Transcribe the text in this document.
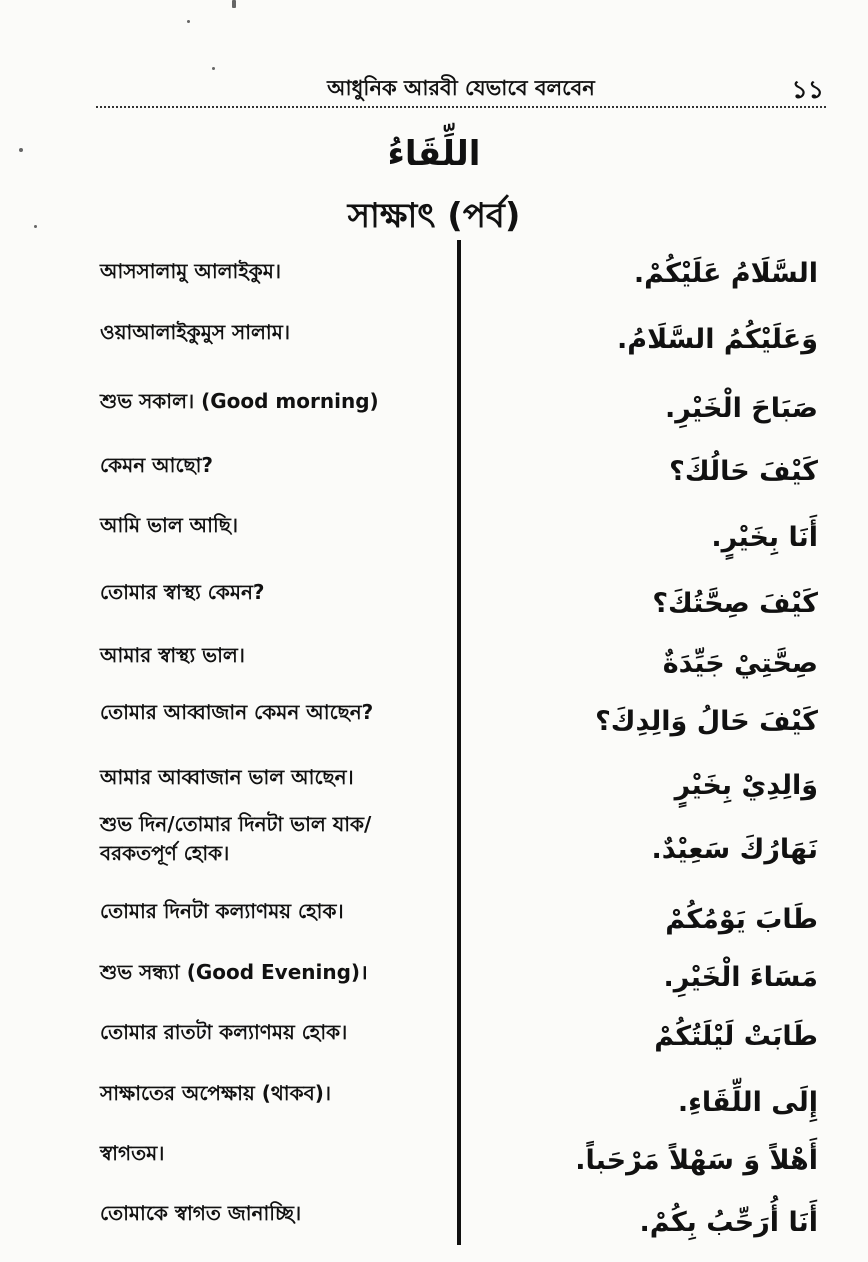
আধুনিক আরবী যেভাবে বলবেন	১১
اللِّقَاءُ
সাক্ষাৎ (পর্ব)
আসসালামু আলাইকুম।
ওয়াআলাইকুমুস সালাম।
শুভ সকাল। (Good morning)
কেমন আছো?
আমি ভাল আছি।
তোমার স্বাস্থ্য কেমন?
আমার স্বাস্থ্য ভাল।
তোমার আব্বাজান কেমন আছেন?
আমার আব্বাজান ভাল আছেন।
শুভ দিন/তোমার দিনটা ভাল যাক/ বরকতপূর্ণ হোক।
তোমার দিনটা কল্যাণময় হোক।
শুভ সন্ধ্যা (Good Evening)।
তোমার রাতটা কল্যাণময় হোক।
সাক্ষাতের অপেক্ষায় (থাকব)।
স্বাগতম।
তোমাকে স্বাগত জানাচ্ছি।
السَّلَامُ عَلَيْكُمْ.
وَعَلَيْكُمُ السَّلَامُ.
صَبَاحَ الْخَيْرِ.
كَيْفَ حَالُكَ؟
أَنَا بِخَيْرٍ.
كَيْفَ صِحَّتُكَ؟
صِحَّتِيْ جَيِّدَةٌ
كَيْفَ حَالُ وَالِدِكَ؟
وَالِدِيْ بِخَيْرٍ
نَهَارُكَ سَعِيْدٌ.
طَابَ يَوْمُكُمْ
مَسَاءَ الْخَيْرِ.
طَابَتْ لَيْلَتُكُمْ
إِلَى اللِّقَاءِ.
أَهْلاً وَ سَهْلاً مَرْحَباً.
أَنَا أُرَحِّبُ بِكُمْ.
